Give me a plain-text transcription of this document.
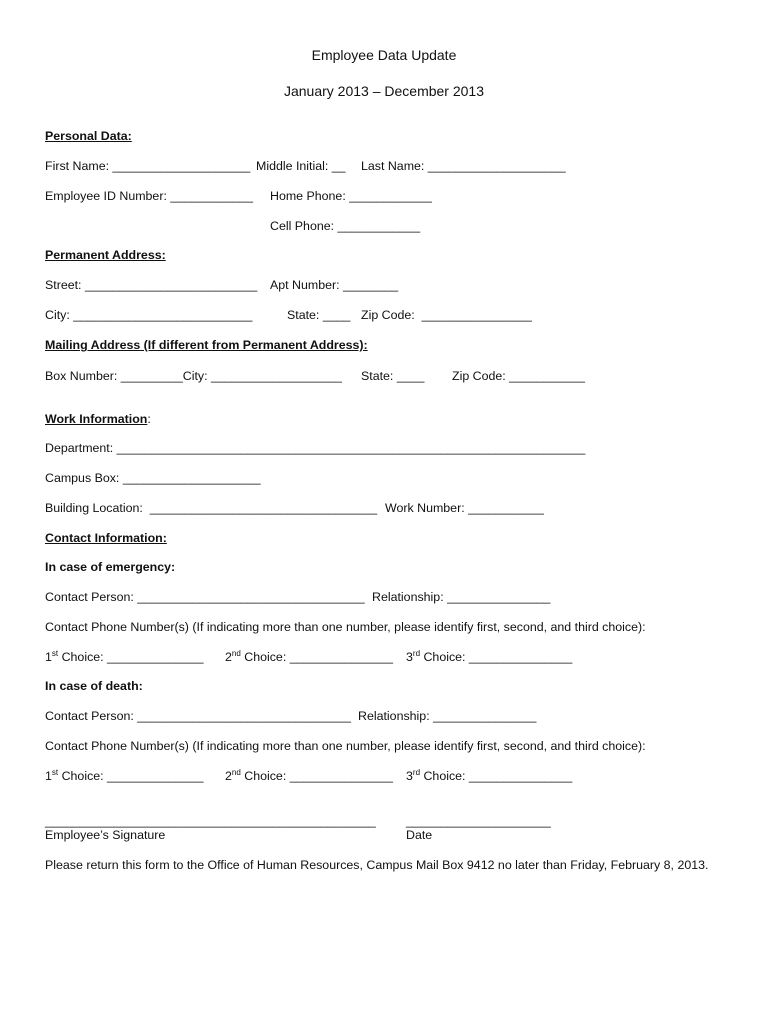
Employee Data Update
January 2013 – December 2013
Personal Data:
First Name: ____________________ Middle Initial: __ Last Name: ____________________
Employee ID Number: ____________ Home Phone: ____________
Cell Phone: ____________
Permanent Address:
Street: _________________________ Apt Number: ________
City: __________________________	State: ____ Zip Code:  ________________
Mailing Address (If different from Permanent Address):
Box Number: _________City: ___________________ State: ____ Zip Code: ___________
Work Information:
Department: ____________________________________________________________________
Campus Box: ____________________
Building Location:  _________________________________ Work Number: ___________
Contact Information:
In case of emergency:
Contact Person: _________________________________ Relationship: _______________
Contact Phone Number(s) (If indicating more than one number, please identify first, second, and third choice):
1st Choice: ______________ 2nd Choice: _______________ 3rd Choice: _______________
In case of death:
Contact Person: _______________________________ Relationship: _______________
Contact Phone Number(s) (If indicating more than one number, please identify first, second, and third choice):
1st Choice: ______________ 2nd Choice: _______________ 3rd Choice: _______________
________________________________________________ _____________________
Employee’s Signature	Date
Please return this form to the Office of Human Resources, Campus Mail Box 9412 no later than Friday, February 8, 2013.
